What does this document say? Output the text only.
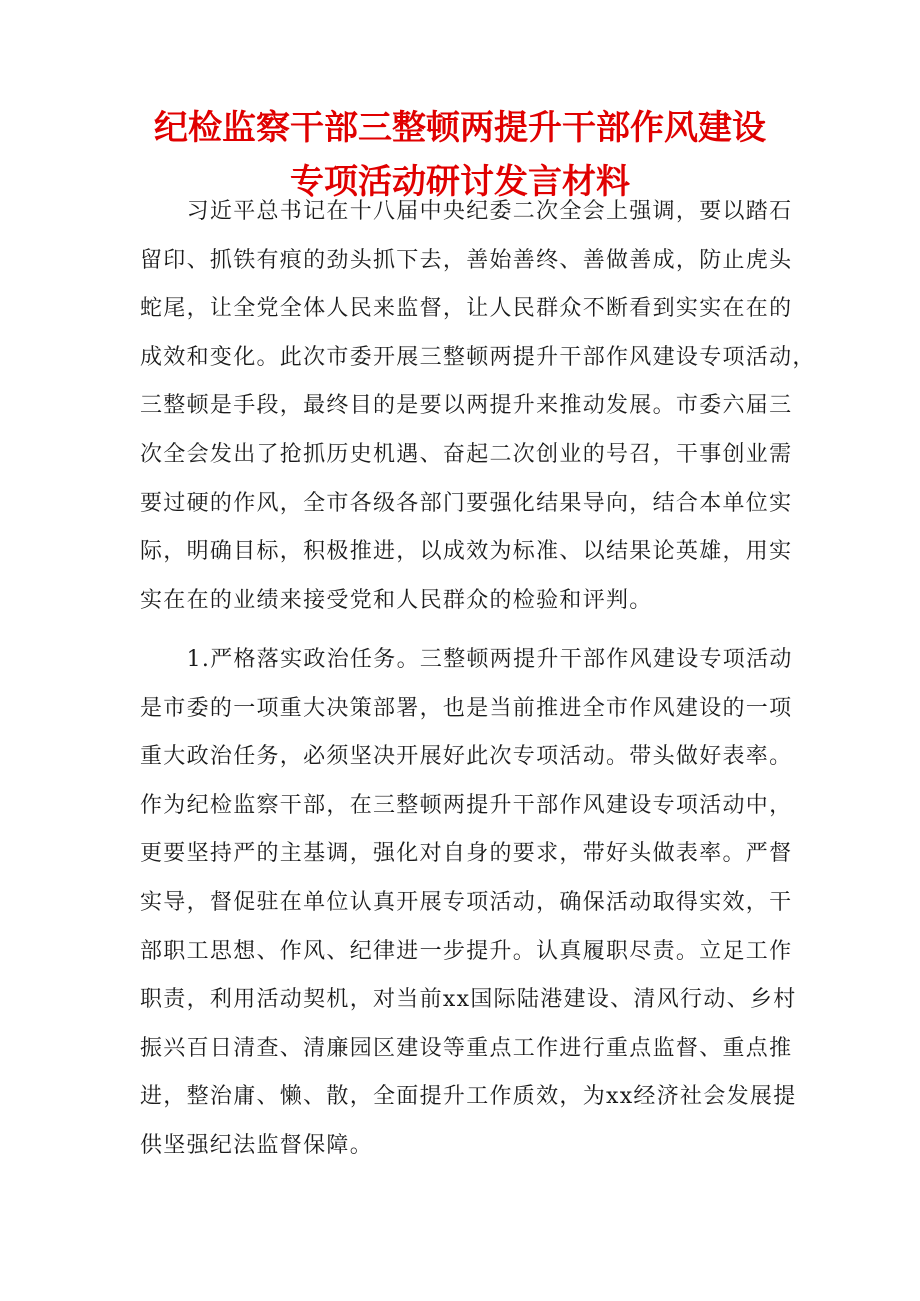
纪检监察干部三整顿两提升干部作风建设
专项活动研讨发言材料
　　习近平总书记在十八届中央纪委二次全会上强调，要以踏石
留印、抓铁有痕的劲头抓下去，善始善终、善做善成，防止虎头
蛇尾，让全党全体人民来监督，让人民群众不断看到实实在在的
成效和变化。此次市委开展三整顿两提升干部作风建设专项活动，
三整顿是手段，最终目的是要以两提升来推动发展。市委六届三
次全会发出了抢抓历史机遇、奋起二次创业的号召，干事创业需
要过硬的作风，全市各级各部门要强化结果导向，结合本单位实
际，明确目标，积极推进，以成效为标准、以结果论英雄，用实
实在在的业绩来接受党和人民群众的检验和评判。
　　1.严格落实政治任务。三整顿两提升干部作风建设专项活动
是市委的一项重大决策部署，也是当前推进全市作风建设的一项
重大政治任务，必须坚决开展好此次专项活动。带头做好表率。
作为纪检监察干部，在三整顿两提升干部作风建设专项活动中，
更要坚持严的主基调，强化对自身的要求，带好头做表率。严督
实导，督促驻在单位认真开展专项活动，确保活动取得实效，干
部职工思想、作风、纪律进一步提升。认真履职尽责。立足工作
职责，利用活动契机，对当前xx国际陆港建设、清风行动、乡村
振兴百日清查、清廉园区建设等重点工作进行重点监督、重点推
进，整治庸、懒、散，全面提升工作质效，为xx经济社会发展提
供坚强纪法监督保障。
